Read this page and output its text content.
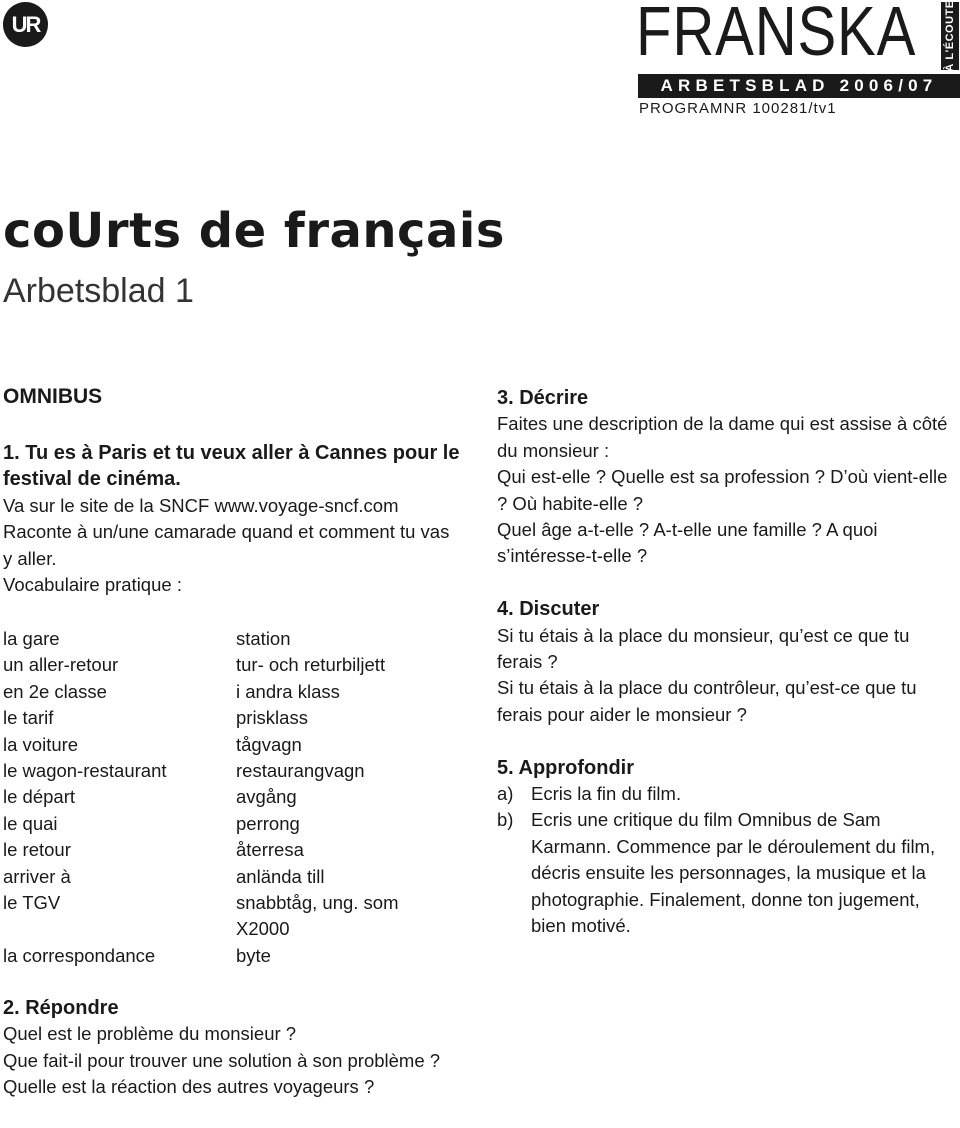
UR	FRANSKA	À L'ÉCOUTE
ARBETSBLAD 2006/07
PROGRAMNR 100281/tv1
coUrts de français
Arbetsblad 1
OMNIBUS

1. Tu es à Paris et tu veux aller à Cannes pour le festival de cinéma.

Va sur le site de la SNCF www.voyage-sncf.com

Raconte à un/une camarade quand et comment tu vas y aller.

Vocabulaire pratique :

la gare	station
un aller-retour	tur- och returbiljett
en 2e classe	i andra klass
le tarif	prisklass
la voiture	tågvagn
le wagon-restaurant	restaurangvagn
le départ	avgång
le quai	perrong
le retour	återresa
arriver à	anlända till
le TGV	snabbtåg, ung. som X2000
la correspondance	byte

2. Répondre

Quel est le problème du monsieur ?

Que fait-il pour trouver une solution à son problème ?

Quelle est la réaction des autres voyageurs ?

3. Décrire

Faites une description de la dame qui est assise à côté du monsieur :

Qui est-elle ? Quelle est sa profession ? D’où vient-elle ? Où habite-elle ?

Quel âge a-t-elle ? A-t-elle une famille ? A quoi s’intéresse-t-elle ?

4. Discuter

Si tu étais à la place du monsieur, qu’est ce que tu ferais ?

Si tu étais à la place du contrôleur, qu’est-ce que tu ferais pour aider le monsieur ?

5. Approfondir

a) Ecris la fin du film.
b) Ecris une critique du film Omnibus de Sam Karmann. Commence par le déroulement du film, décris ensuite les personnages, la musique et la photographie. Finalement, donne ton jugement, bien motivé.
